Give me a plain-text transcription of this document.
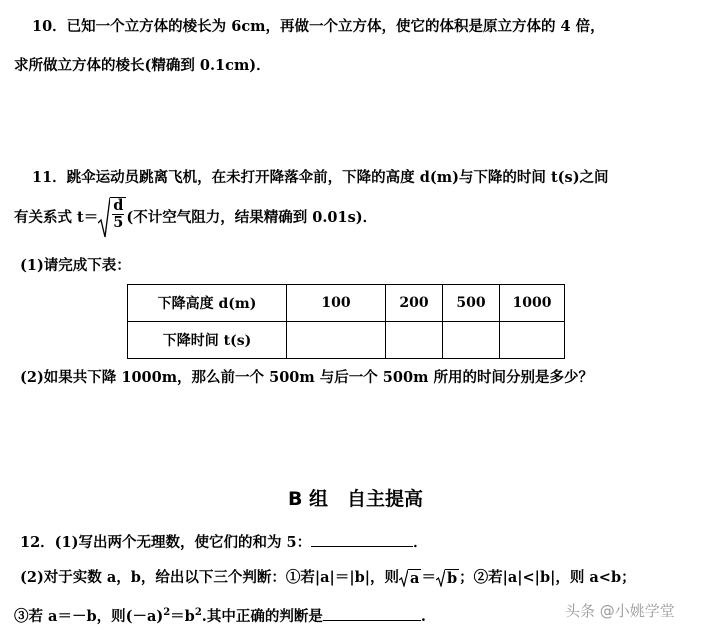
10．已知一个立方体的棱长为 6cm，再做一个立方体，使它的体积是原立方体的 4 倍，
求所做立方体的棱长(精确到 0.1cm)．
11．跳伞运动员跳离飞机，在未打开降落伞前，下降的高度 d(m)与下降的时间 t(s)之间
有关系式 $t= \frac{d}{5}$ (不计空气阻力，结果精确到 0.01s)．
(1)请完成下表：
下降高度 d(m)	100	200	500	1000
下降时间 t(s)				
(2)如果共下降 1000m，那么前一个 500m 与后一个 500m 所用的时间分别是多少？
B 组　自主提高
12．(1)写出两个无理数，使它们的和为 5：	．
(2)对于实数 a，b，给出以下三个判断：①若|a|＝|b|，则 a ＝ b ；②若|a|<|b|，则 a<b；
③若 a＝－b，则$(-a)^2=b^2$.其中正确的判断是	.	头条 @小姚学堂
